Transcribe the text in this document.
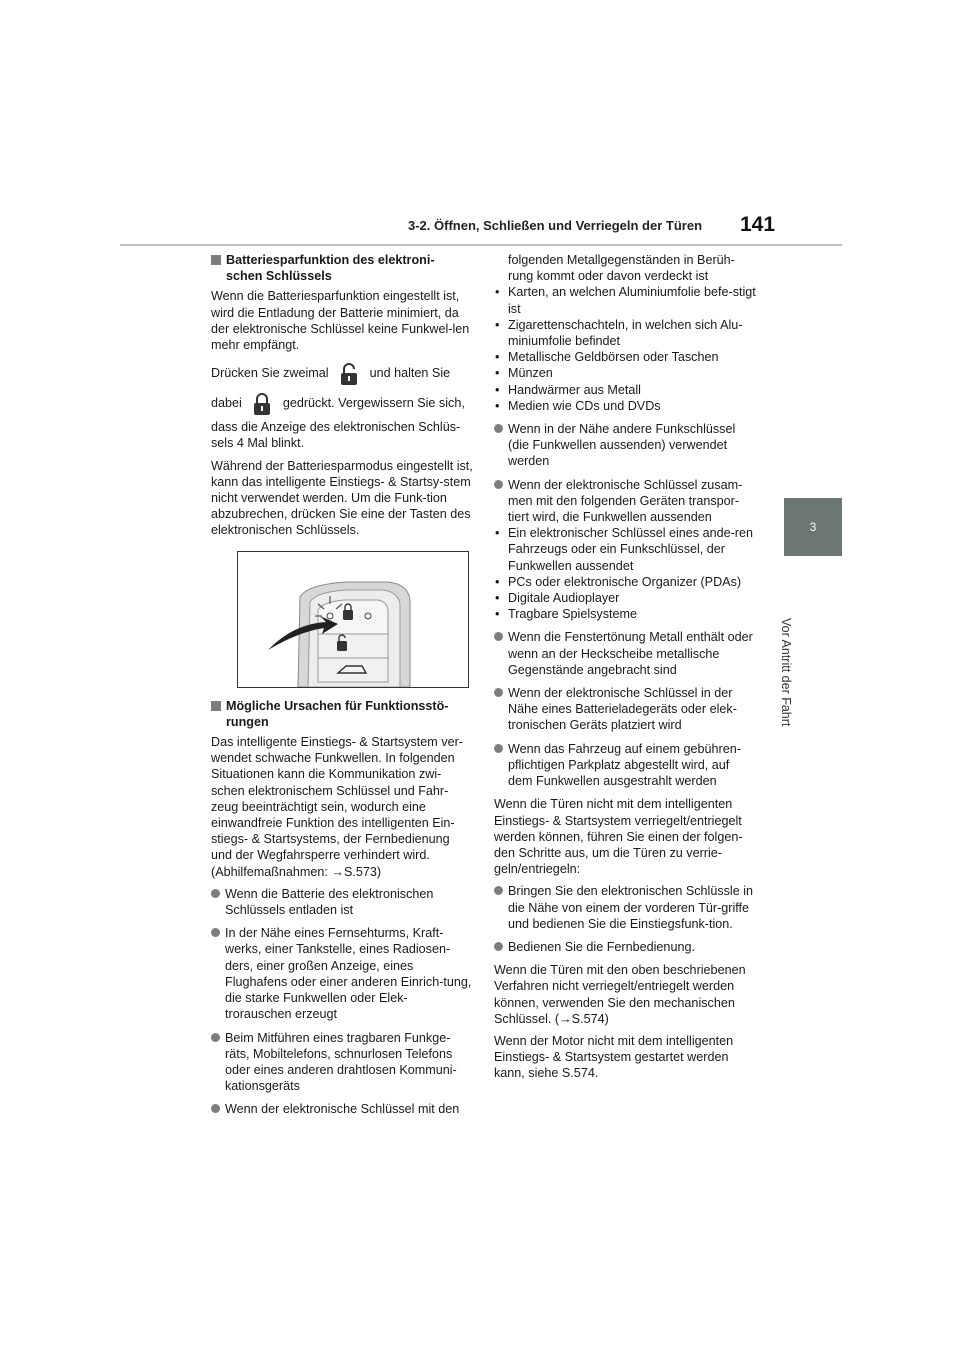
3-2. Öffnen, Schließen und Verriegeln der Türen 141
3
Vor Antritt der Fahrt

Batteriesparfunktion des elektroni-
schen Schlüssels

Wenn die Batteriesparfunktion eingestellt ist, wird die Entladung der Batterie minimiert, da der elektronische Schlüssel keine Funkwel-len mehr empfängt.

Drücken Sie zweimal	und halten Sie
dabei	gedrückt. Vergewissern Sie sich,

dass die Anzeige des elektronischen Schlüs-sels 4 Mal blinkt.

Während der Batteriesparmodus eingestellt ist, kann das intelligente Einstiegs- & Startsy-stem nicht verwendet werden. Um die Funk-tion abzubrechen, drücken Sie eine der Tasten des elektronischen Schlüssels.

Mögliche Ursachen für Funktionsstö-
rungen

Das intelligente Einstiegs- & Startsystem ver-wendet schwache Funkwellen. In folgenden Situationen kann die Kommunikation zwi-schen elektronischem Schlüssel und Fahr-zeug beeinträchtigt sein, wodurch eine einwandfreie Funktion des intelligenten Ein-stiegs- & Startsystems, der Fernbedienung und der Wegfahrsperre verhindert wird. (Abhilfemaßnahmen: →S.573)

Wenn die Batterie des elektronischen Schlüssels entladen ist

In der Nähe eines Fernsehturms, Kraft-werks, einer Tankstelle, eines Radiosen-ders, einer großen Anzeige, eines Flughafens oder einer anderen Einrich-tung, die starke Funkwellen oder Elek-trorauschen erzeugt

Beim Mitführen eines tragbaren Funkge-räts, Mobiltelefons, schnurlosen Telefons oder eines anderen drahtlosen Kommuni-kationsgeräts

Wenn der elektronische Schlüssel mit den

folgenden Metallgegenständen in Berüh-rung kommt oder davon verdeckt ist

• Karten, an welchen Aluminiumfolie befe-stigt ist

• Zigarettenschachteln, in welchen sich Alu-miniumfolie befindet

• Metallische Geldbörsen oder Taschen

• Münzen

• Handwärmer aus Metall

• Medien wie CDs und DVDs

Wenn in der Nähe andere Funkschlüssel (die Funkwellen aussenden) verwendet werden

Wenn der elektronische Schlüssel zusam-men mit den folgenden Geräten transpor-tiert wird, die Funkwellen aussenden

• Ein elektronischer Schlüssel eines ande-ren Fahrzeugs oder ein Funkschlüssel, der Funkwellen aussendet

• PCs oder elektronische Organizer (PDAs)

• Digitale Audioplayer

• Tragbare Spielsysteme

Wenn die Fenstertönung Metall enthält oder wenn an der Heckscheibe metallische Gegenstände angebracht sind

Wenn der elektronische Schlüssel in der Nähe eines Batterieladegeräts oder elek-tronischen Geräts platziert wird

Wenn das Fahrzeug auf einem gebühren-pflichtigen Parkplatz abgestellt wird, auf dem Funkwellen ausgestrahlt werden

Wenn die Türen nicht mit dem intelligenten Einstiegs- & Startsystem verriegelt/entriegelt werden können, führen Sie einen der folgen-den Schritte aus, um die Türen zu verrie-geln/entriegeln:

Bringen Sie den elektronischen Schlüssle in die Nähe von einem der vorderen Tür-griffe und bedienen Sie die Einstiegsfunk-tion.

Bedienen Sie die Fernbedienung.

Wenn die Türen mit den oben beschriebenen Verfahren nicht verriegelt/entriegelt werden können, verwenden Sie den mechanischen Schlüssel. (→S.574)

Wenn der Motor nicht mit dem intelligenten Einstiegs- & Startsystem gestartet werden kann, siehe S.574.
